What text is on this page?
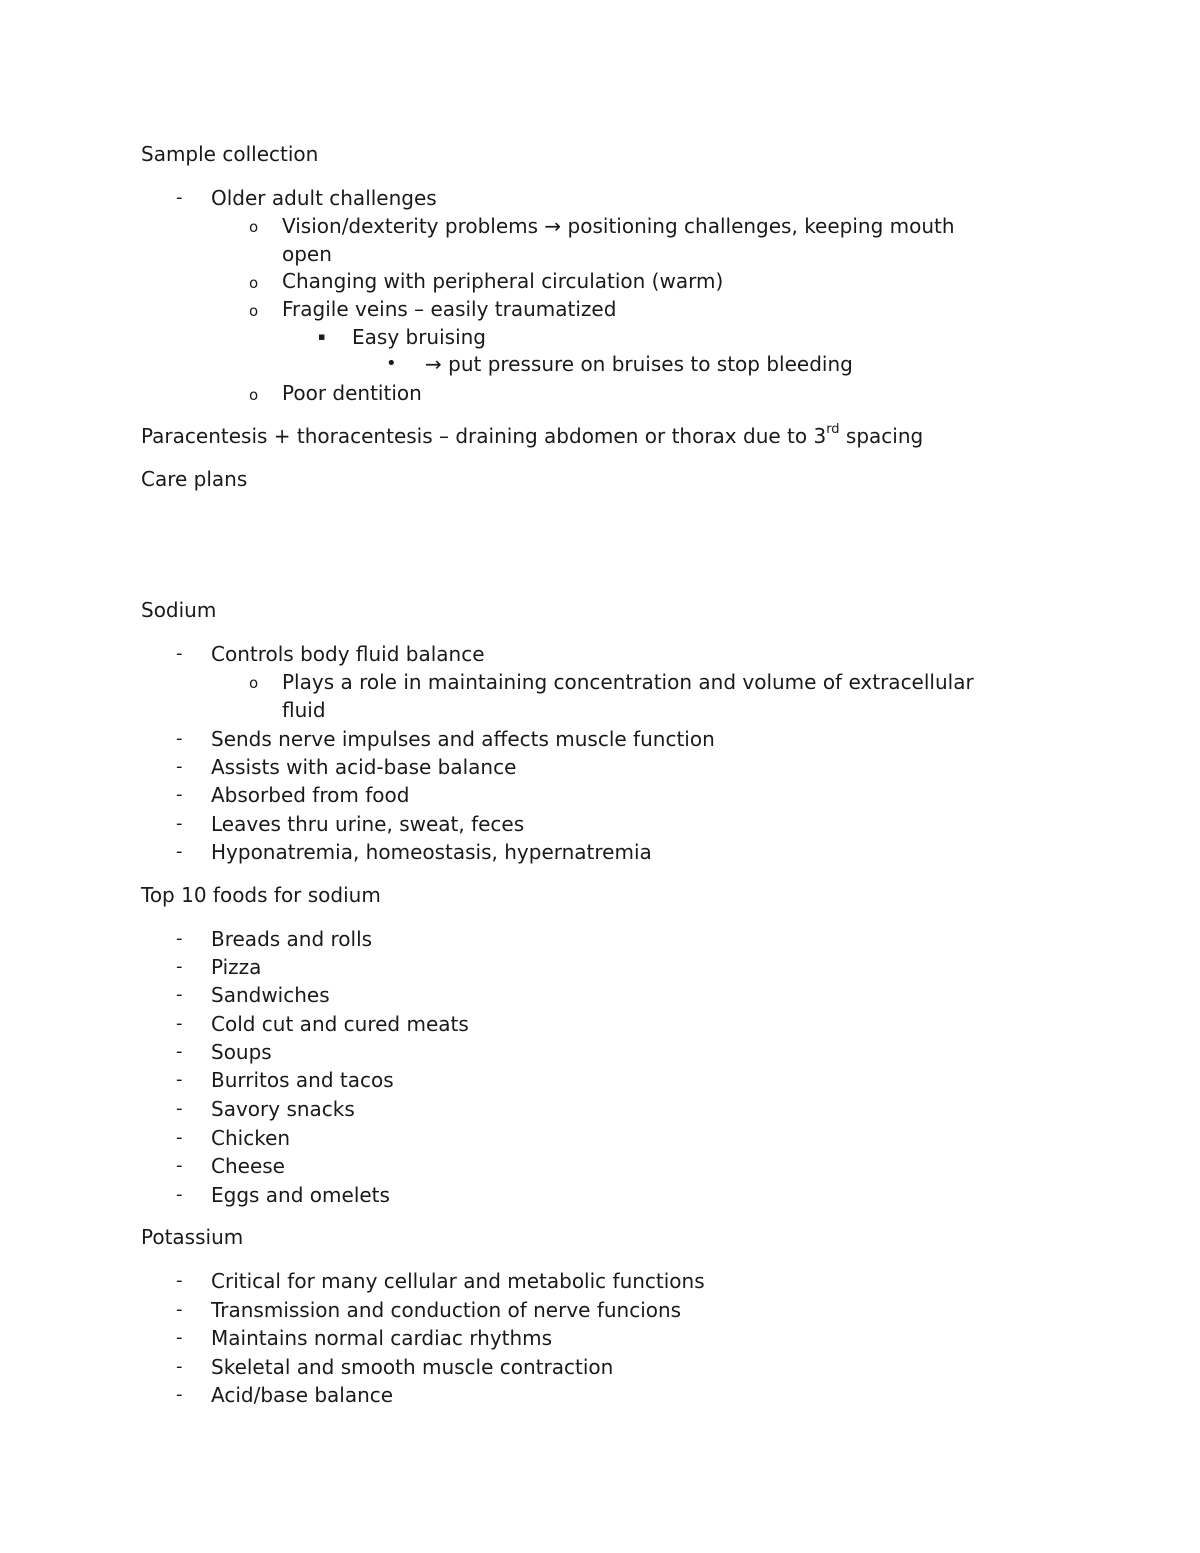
Sample collection
- Older adult challenges
o Vision/dexterity problems → positioning challenges, keeping mouth
open
o Changing with peripheral circulation (warm)
o Fragile veins – easily traumatized
▪ Easy bruising
• → put pressure on bruises to stop bleeding
o Poor dentition
Paracentesis + thoracentesis – draining abdomen or thorax due to 3rd spacing
Care plans
Sodium
- Controls body fluid balance
o Plays a role in maintaining concentration and volume of extracellular
fluid
- Sends nerve impulses and affects muscle function
- Assists with acid-base balance
- Absorbed from food
- Leaves thru urine, sweat, feces
- Hyponatremia, homeostasis, hypernatremia
Top 10 foods for sodium
- Breads and rolls
- Pizza
- Sandwiches
- Cold cut and cured meats
- Soups
- Burritos and tacos
- Savory snacks
- Chicken
- Cheese
- Eggs and omelets
Potassium
- Critical for many cellular and metabolic functions
- Transmission and conduction of nerve funcions
- Maintains normal cardiac rhythms
- Skeletal and smooth muscle contraction
- Acid/base balance
